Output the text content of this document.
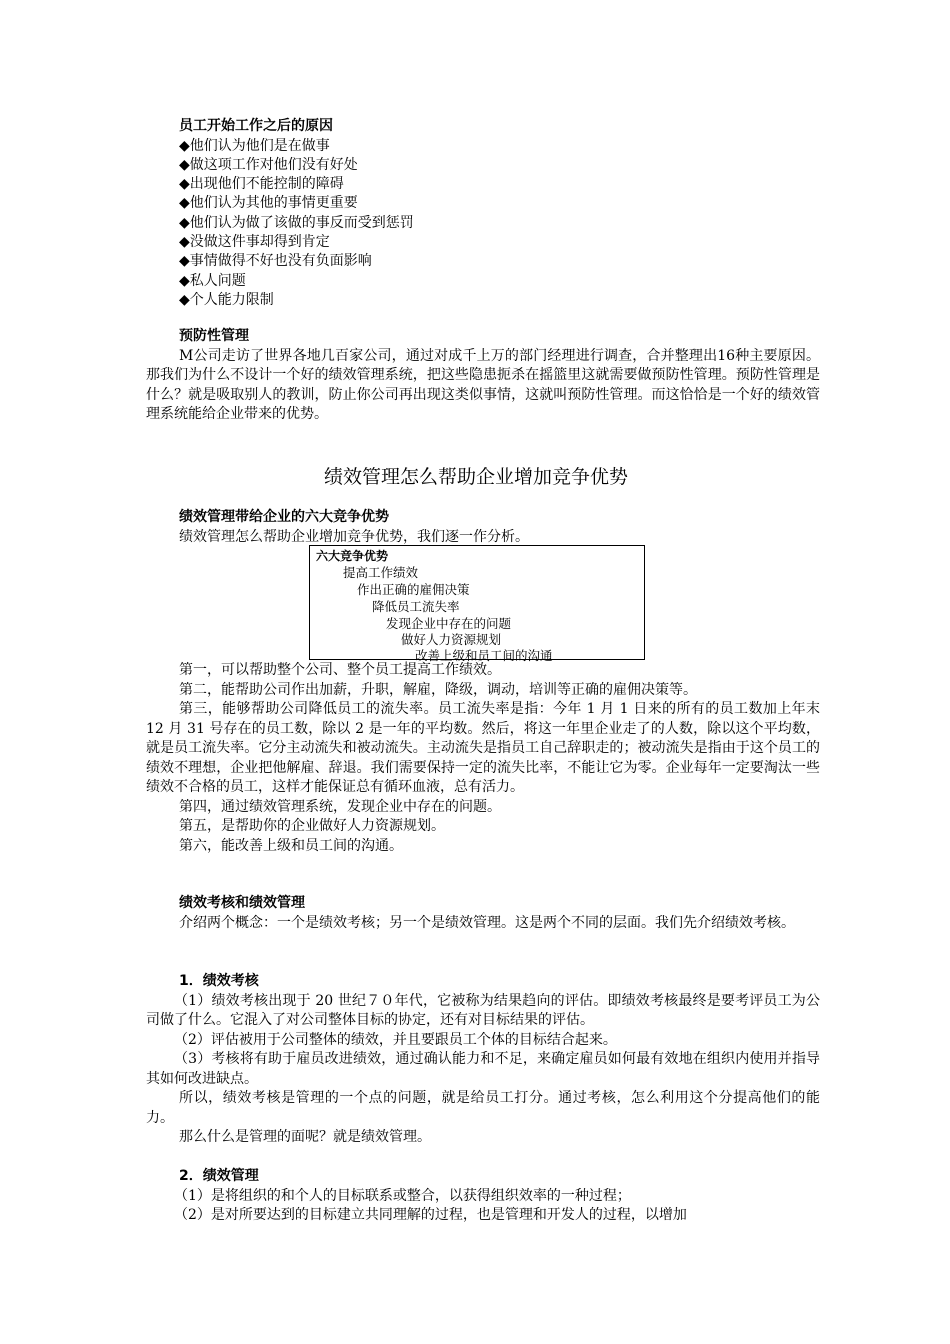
员工开始工作之后的原因
◆他们认为他们是在做事
◆做这项工作对他们没有好处
◆出现他们不能控制的障碍
◆他们认为其他的事情更重要
◆他们认为做了该做的事反而受到惩罚
◆没做这件事却得到肯定
◆事情做得不好也没有负面影响
◆私人问题
◆个人能力限制
预防性管理

M公司走访了世界各地几百家公司，通过对成千上万的部门经理进行调查，合并整理出16种主要原因。那我们为什么不设计一个好的绩效管理系统，把这些隐患扼杀在摇篮里这就需要做预防性管理。预防性管理是什么？就是吸取别人的教训，防止你公司再出现这类似事情，这就叫预防性管理。而这恰恰是一个好的绩效管理系统能给企业带来的优势。

绩效管理怎么帮助企业增加竞争优势
绩效管理带给企业的六大竞争优势

绩效管理怎么帮助企业增加竞争优势，我们逐一作分析。

六大竞争优势
提高工作绩效
作出正确的雇佣决策
降低员工流失率
发现企业中存在的问题
做好人力资源规划
改善上级和员工间的沟通

第一，可以帮助整个公司、整个员工提高工作绩效。

第二，能帮助公司作出加薪，升职，解雇，降级，调动，培训等正确的雇佣决策等。

第三，能够帮助公司降低员工的流失率。员工流失率是指：今年 1 月 1 日来的所有的员工数加上年末 12 月 31 号存在的员工数，除以 2 是一年的平均数。然后，将这一年里企业走了的人数，除以这个平均数，就是员工流失率。它分主动流失和被动流失。主动流失是指员工自己辞职走的；被动流失是指由于这个员工的绩效不理想，企业把他解雇、辞退。我们需要保持一定的流失比率，不能让它为零。企业每年一定要淘汰一些绩效不合格的员工，这样才能保证总有循环血液，总有活力。

第四，通过绩效管理系统，发现企业中存在的问题。

第五，是帮助你的企业做好人力资源规划。

第六，能改善上级和员工间的沟通。

绩效考核和绩效管理

介绍两个概念：一个是绩效考核；另一个是绩效管理。这是两个不同的层面。我们先介绍绩效考核。

1．绩效考核

（1）绩效考核出现于 20 世纪７０年代，它被称为结果趋向的评估。即绩效考核最终是要考评员工为公司做了什么。它混入了对公司整体目标的协定，还有对目标结果的评估。

（2）评估被用于公司整体的绩效，并且要跟员工个体的目标结合起来。

（3）考核将有助于雇员改进绩效，通过确认能力和不足，来确定雇员如何最有效地在组织内使用并指导其如何改进缺点。

所以，绩效考核是管理的一个点的问题，就是给员工打分。通过考核，怎么利用这个分提高他们的能力。

那么什么是管理的面呢？就是绩效管理。

2．绩效管理

（1）是将组织的和个人的目标联系或整合，以获得组织效率的一种过程；

（2）是对所要达到的目标建立共同理解的过程，也是管理和开发人的过程，以增加
